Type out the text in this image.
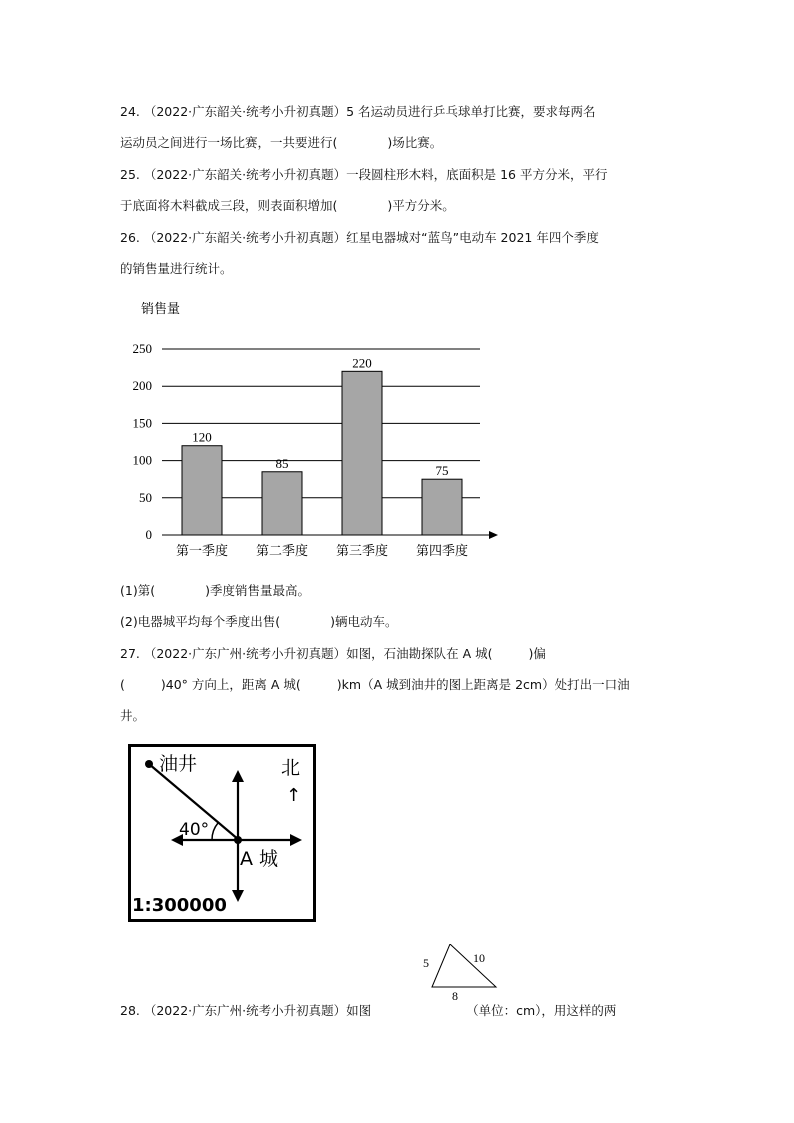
24. （2022·广东韶关·统考小升初真题）5 名运动员进行乒乓球单打比赛，要求每两名
运动员之间进行一场比赛，一共要进行(	)场比赛。
25. （2022·广东韶关·统考小升初真题）一段圆柱形木料，底面积是 16 平方分米，平行
于底面将木料截成三段，则表面积增加(	)平方分米。
26. （2022·广东韶关·统考小升初真题）红星电器城对“蓝鸟”电动车 2021 年四个季度
的销售量进行统计。
销售量
120
85
220
75
0
50
100
150
200
250
第一季度 第二季度 第三季度 第四季度
(1)第(	)季度销售量最高。
(2)电器城平均每个季度出售(	)辆电动车。
27. （2022·广东广州·统考小升初真题）如图，石油勘探队在 A 城(	)偏
(	)40° 方向上，距离 A 城(	)km（A 城到油井的图上距离是 2cm）处打出一口油
井。
油井	北
↑
40°
A 城
1:300000
5	10
8
28. （2022·广东广州·统考小升初真题）如图	（单位：cm），用这样的两
